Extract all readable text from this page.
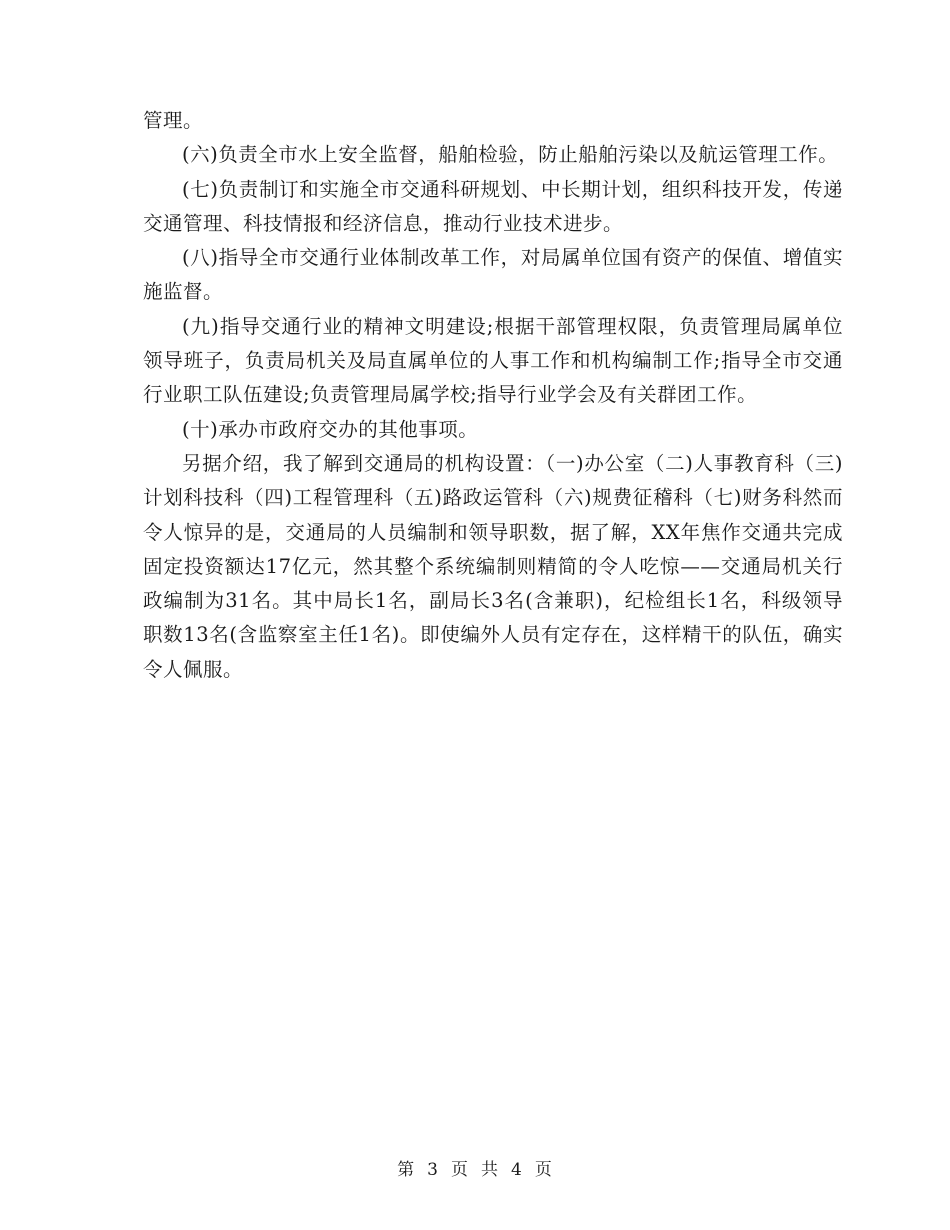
管理。

(六)负责全市水上安全监督，船舶检验，防止船舶污染以及航运管理工作。

(七)负责制订和实施全市交通科研规划、中长期计划，组织科技开发，传递交通管理、科技情报和经济信息，推动行业技术进步。

(八)指导全市交通行业体制改革工作，对局属单位国有资产的保值、增值实施监督。

(九)指导交通行业的精神文明建设;根据干部管理权限，负责管理局属单位领导班子，负责局机关及局直属单位的人事工作和机构编制工作;指导全市交通行业职工队伍建设;负责管理局属学校;指导行业学会及有关群团工作。

(十)承办市政府交办的其他事项。

另据介绍，我了解到交通局的机构设置：（一)办公室（二)人事教育科（三)计划科技科（四)工程管理科（五)路政运管科（六)规费征稽科（七)财务科然而令人惊异的是，交通局的人员编制和领导职数，据了解，XX年焦作交通共完成固定投资额达17亿元，然其整个系统编制则精简的令人吃惊——交通局机关行政编制为31名。其中局长1名，副局长3名(含兼职)，纪检组长1名，科级领导职数13名(含监察室主任1名)。即使编外人员有定存在，这样精干的队伍，确实令人佩服。

第 3 页 共 4 页
